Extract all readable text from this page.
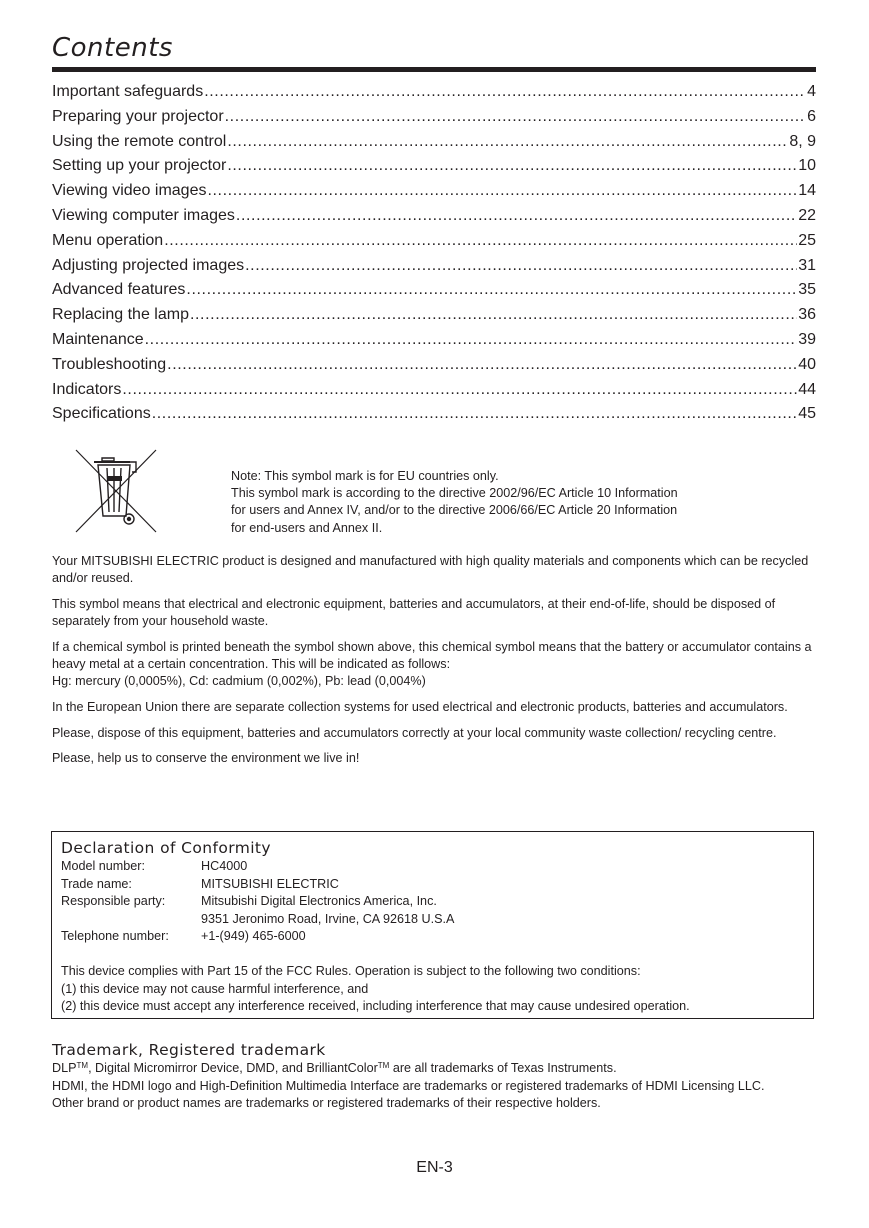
Contents
Important safeguards .....	4
Preparing your projector .....	6
Using the remote control .....	8, 9
Setting up your projector .....	10
Viewing video images .....	14
Viewing computer images .....	22
Menu operation .....	25
Adjusting projected images .....	31
Advanced features .....	35
Replacing the lamp .....	36
Maintenance .....	39
Troubleshooting .....	40
Indicators .....	44
Specifications .....	45

Note: This symbol mark is for EU countries only.

This symbol mark is according to the directive 2002/96/EC Article 10 Information

for users and Annex IV, and/or to the directive 2006/66/EC Article 20 Information

for end-users and Annex II.

Your MITSUBISHI ELECTRIC product is designed and manufactured with high quality materials and components which can be recycled and/or reused.

This symbol means that electrical and electronic equipment, batteries and accumulators, at their end-of-life, should be disposed of separately from your household waste.

If a chemical symbol is printed beneath the symbol shown above, this chemical symbol means that the battery or accumulator contains a heavy metal at a certain concentration. This will be indicated as follows:

Hg: mercury (0,0005%), Cd: cadmium (0,002%), Pb: lead (0,004%)

In the European Union there are separate collection systems for used electrical and electronic products, batteries and accumulators.

Please, dispose of this equipment, batteries and accumulators correctly at your local community waste collection/ recycling centre.

Please, help us to conserve the environment we live in!

Declaration of Conformity
Model number:	HC4000
Trade name:	MITSUBISHI ELECTRIC
Responsible party:	Mitsubishi Digital Electronics America, Inc.
9351 Jeronimo Road, Irvine, CA 92618 U.S.A
Telephone number:	+1-(949) 465-6000

This device complies with Part 15 of the FCC Rules. Operation is subject to the following two conditions:

(1) this device may not cause harmful interference, and

(2) this device must accept any interference received, including interference that may cause undesired operation.

Trademark, Registered trademark

DLP™, Digital Micromirror Device, DMD, and BrilliantColor™ are all trademarks of Texas Instruments.

HDMI, the HDMI logo and High-Definition Multimedia Interface are trademarks or registered trademarks of HDMI Licensing LLC.

Other brand or product names are trademarks or registered trademarks of their respective holders.

EN-3
